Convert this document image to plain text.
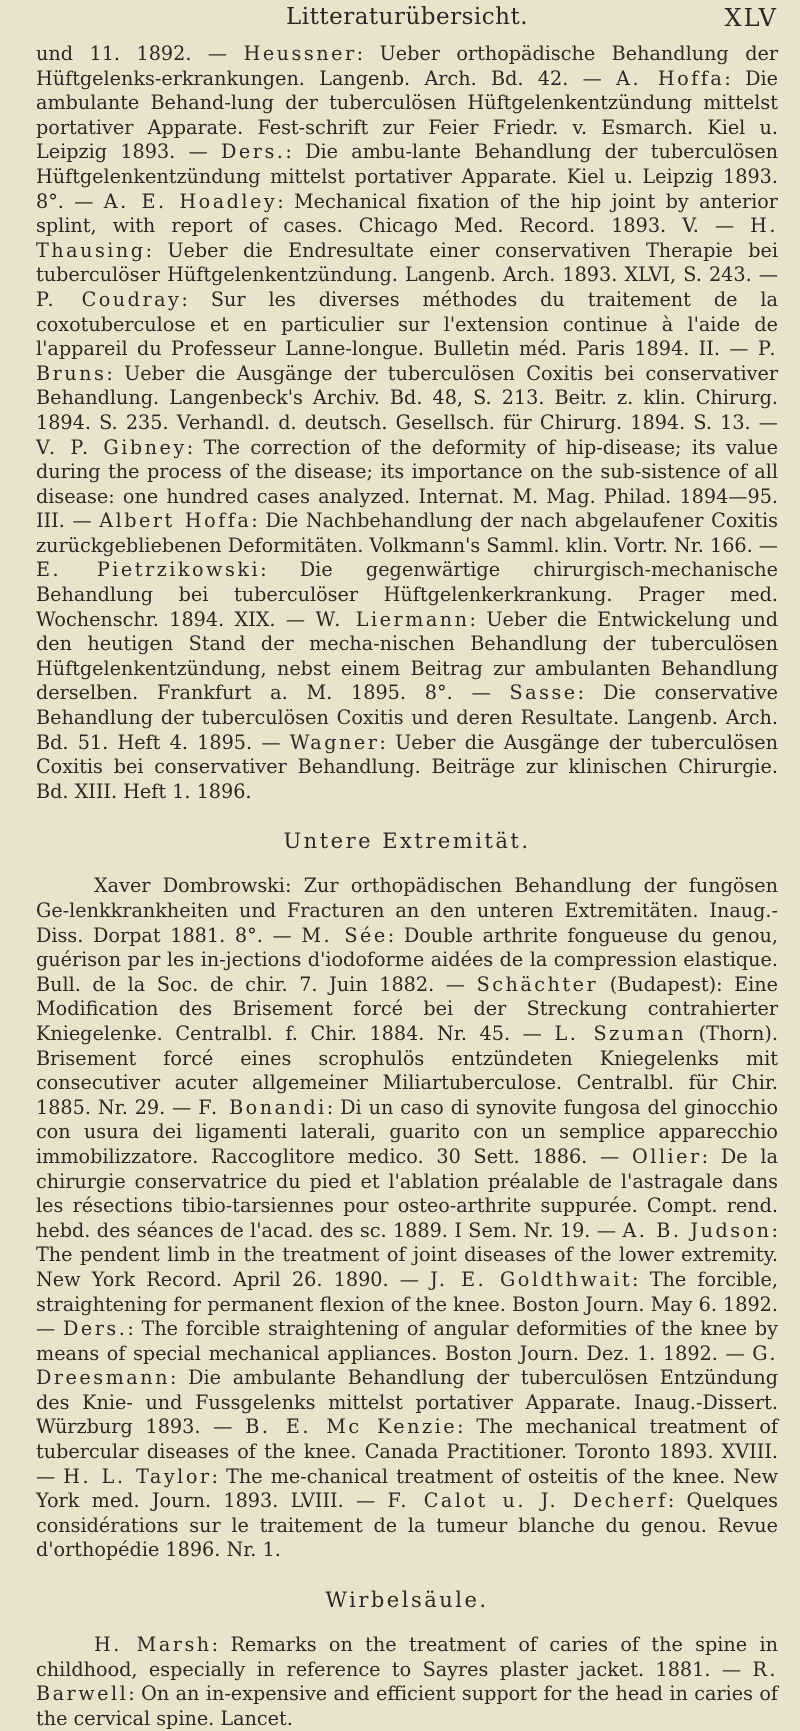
Litteraturübersicht.	XLV

und 11. 1892. — Heussner: Ueber orthopädische Behandlung der Hüftgelenks-erkrankungen. Langenb. Arch. Bd. 42. — A. Hoffa: Die ambulante Behand-lung der tuberculösen Hüftgelenkentzündung mittelst portativer Apparate. Fest-schrift zur Feier Friedr. v. Esmarch. Kiel u. Leipzig 1893. — Ders.: Die ambu-lante Behandlung der tuberculösen Hüftgelenkentzündung mittelst portativer Apparate. Kiel u. Leipzig 1893. 8°. — A. E. Hoadley: Mechanical fixation of the hip joint by anterior splint, with report of cases. Chicago Med. Record. 1893. V. — H. Thausing: Ueber die Endresultate einer conservativen Therapie bei tuberculöser Hüftgelenkentzündung. Langenb. Arch. 1893. XLVI, S. 243. — P. Coudray: Sur les diverses méthodes du traitement de la coxotuberculose et en particulier sur l'extension continue à l'aide de l'appareil du Professeur Lanne-longue. Bulletin méd. Paris 1894. II. — P. Bruns: Ueber die Ausgänge der tuberculösen Coxitis bei conservativer Behandlung. Langenbeck's Archiv. Bd. 48, S. 213. Beitr. z. klin. Chirurg. 1894. S. 235. Verhandl. d. deutsch. Gesellsch. für Chirurg. 1894. S. 13. — V. P. Gibney: The correction of the deformity of hip-disease; its value during the process of the disease; its importance on the sub-sistence of all disease: one hundred cases analyzed. Internat. M. Mag. Philad. 1894—95. III. — Albert Hoffa: Die Nachbehandlung der nach abgelaufener Coxitis zurückgebliebenen Deformitäten. Volkmann's Samml. klin. Vortr. Nr. 166. — E. Pietrzikowski: Die gegenwärtige chirurgisch-mechanische Behandlung bei tuberculöser Hüftgelenkerkrankung. Prager med. Wochenschr. 1894. XIX. — W. Liermann: Ueber die Entwickelung und den heutigen Stand der mecha-nischen Behandlung der tuberculösen Hüftgelenkentzündung, nebst einem Beitrag zur ambulanten Behandlung derselben. Frankfurt a. M. 1895. 8°. — Sasse: Die conservative Behandlung der tuberculösen Coxitis und deren Resultate. Langenb. Arch. Bd. 51. Heft 4. 1895. — Wagner: Ueber die Ausgänge der tuberculösen Coxitis bei conservativer Behandlung. Beiträge zur klinischen Chirurgie. Bd. XIII. Heft 1. 1896.

Untere Extremität.

Xaver Dombrowski: Zur orthopädischen Behandlung der fungösen Ge-lenkkrankheiten und Fracturen an den unteren Extremitäten. Inaug.-Diss. Dorpat 1881. 8°. — M. Sée: Double arthrite fongueuse du genou, guérison par les in-jections d'iodoforme aidées de la compression elastique. Bull. de la Soc. de chir. 7. Juin 1882. — Schächter (Budapest): Eine Modification des Brisement forcé bei der Streckung contrahierter Kniegelenke. Centralbl. f. Chir. 1884. Nr. 45. — L. Szuman (Thorn). Brisement forcé eines scrophulös entzündeten Kniegelenks mit consecutiver acuter allgemeiner Miliartuberculose. Centralbl. für Chir. 1885. Nr. 29. — F. Bonandi: Di un caso di synovite fungosa del ginocchio con usura dei ligamenti laterali, guarito con un semplice apparecchio immobilizzatore. Raccoglitore medico. 30 Sett. 1886. — Ollier: De la chirurgie conservatrice du pied et l'ablation préalable de l'astragale dans les résections tibio-tarsiennes pour osteo-arthrite suppurée. Compt. rend. hebd. des séances de l'acad. des sc. 1889. I Sem. Nr. 19. — A. B. Judson: The pendent limb in the treatment of joint diseases of the lower extremity. New York Record. April 26. 1890. — J. E. Goldthwait: The forcible, straightening for permanent flexion of the knee. Boston Journ. May 6. 1892. — Ders.: The forcible straightening of angular deformities of the knee by means of special mechanical appliances. Boston Journ. Dez. 1. 1892. — G. Dreesmann: Die ambulante Behandlung der tuberculösen Entzündung des Knie- und Fussgelenks mittelst portativer Apparate. Inaug.-Dissert. Würzburg 1893. — B. E. Mc Kenzie: The mechanical treatment of tubercular diseases of the knee. Canada Practitioner. Toronto 1893. XVIII. — H. L. Taylor: The me-chanical treatment of osteitis of the knee. New York med. Journ. 1893. LVIII. — F. Calot u. J. Decherf: Quelques considérations sur le traitement de la tumeur blanche du genou. Revue d'orthopédie 1896. Nr. 1.

Wirbelsäule.

H. Marsh: Remarks on the treatment of caries of the spine in childhood, especially in reference to Sayres plaster jacket. 1881. — R. Barwell: On an in-expensive and efficient support for the head in caries of the cervical spine. Lancet.
